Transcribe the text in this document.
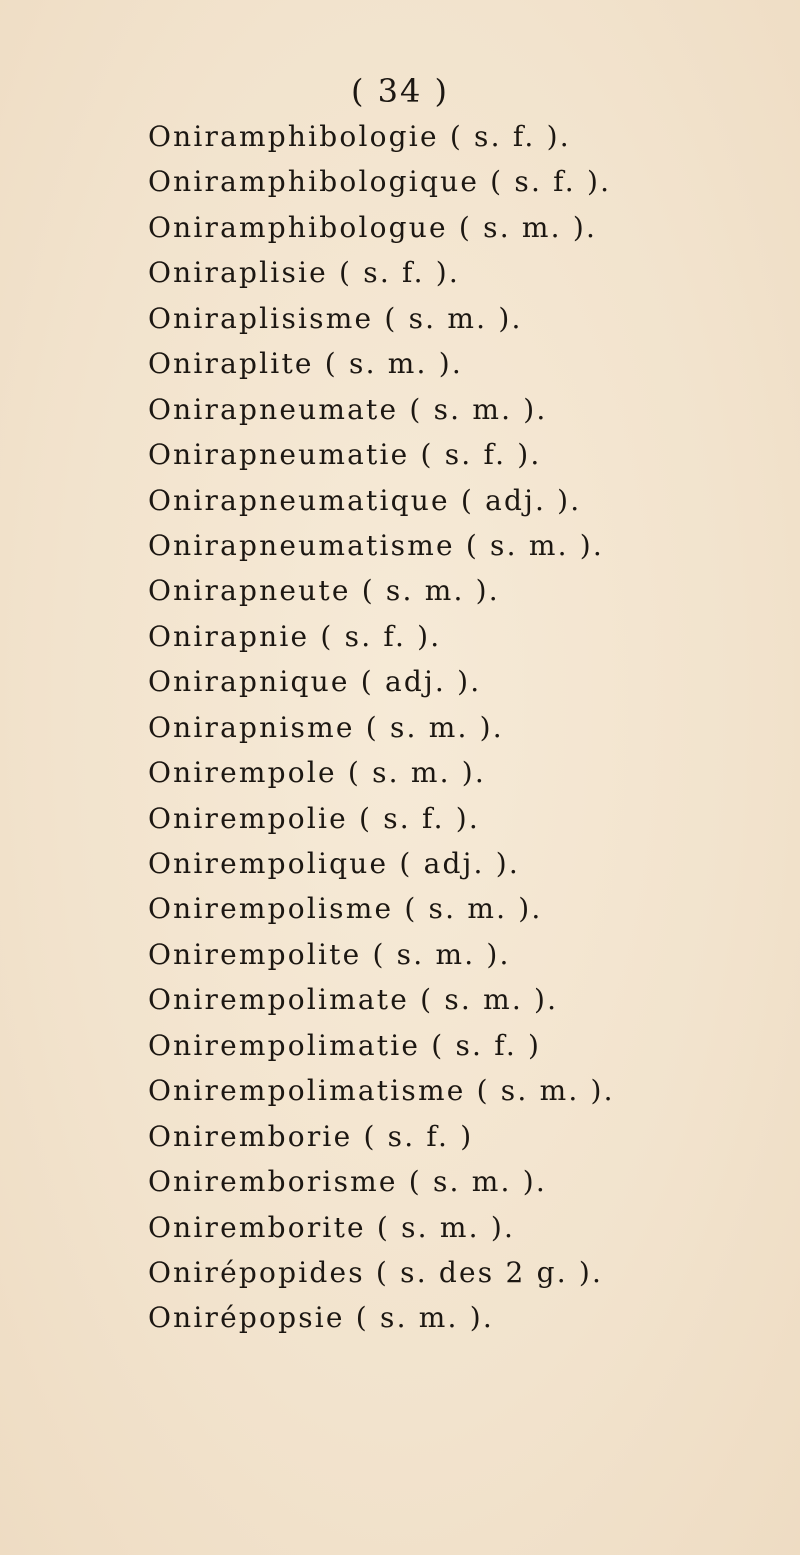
( 34 )
Oniramphibologie ( s. f. ).
Oniramphibologique ( s. f. ).
Oniramphibologue ( s. m. ).
Oniraplisie ( s. f. ).
Oniraplisisme ( s. m. ).
Oniraplite ( s. m. ).
Onirapneumate ( s. m. ).
Onirapneumatie ( s. f. ).
Onirapneumatique ( adj. ).
Onirapneumatisme ( s. m. ).
Onirapneute ( s. m. ).
Onirapnie ( s. f. ).
Onirapnique ( adj. ).
Onirapnisme ( s. m. ).
Onirempole ( s. m. ).
Onirempolie ( s. f. ).
Onirempolique ( adj. ).
Onirempolisme ( s. m. ).
Onirempolite ( s. m. ).
Onirempolimate ( s. m. ).
Onirempolimatie ( s. f. )
Onirempolimatisme ( s. m. ).
Oniremborie ( s. f. )
Oniremborisme ( s. m. ).
Oniremborite ( s. m. ).
Onirépopides ( s. des 2 g. ).
Onirépopsie ( s. m. ).
